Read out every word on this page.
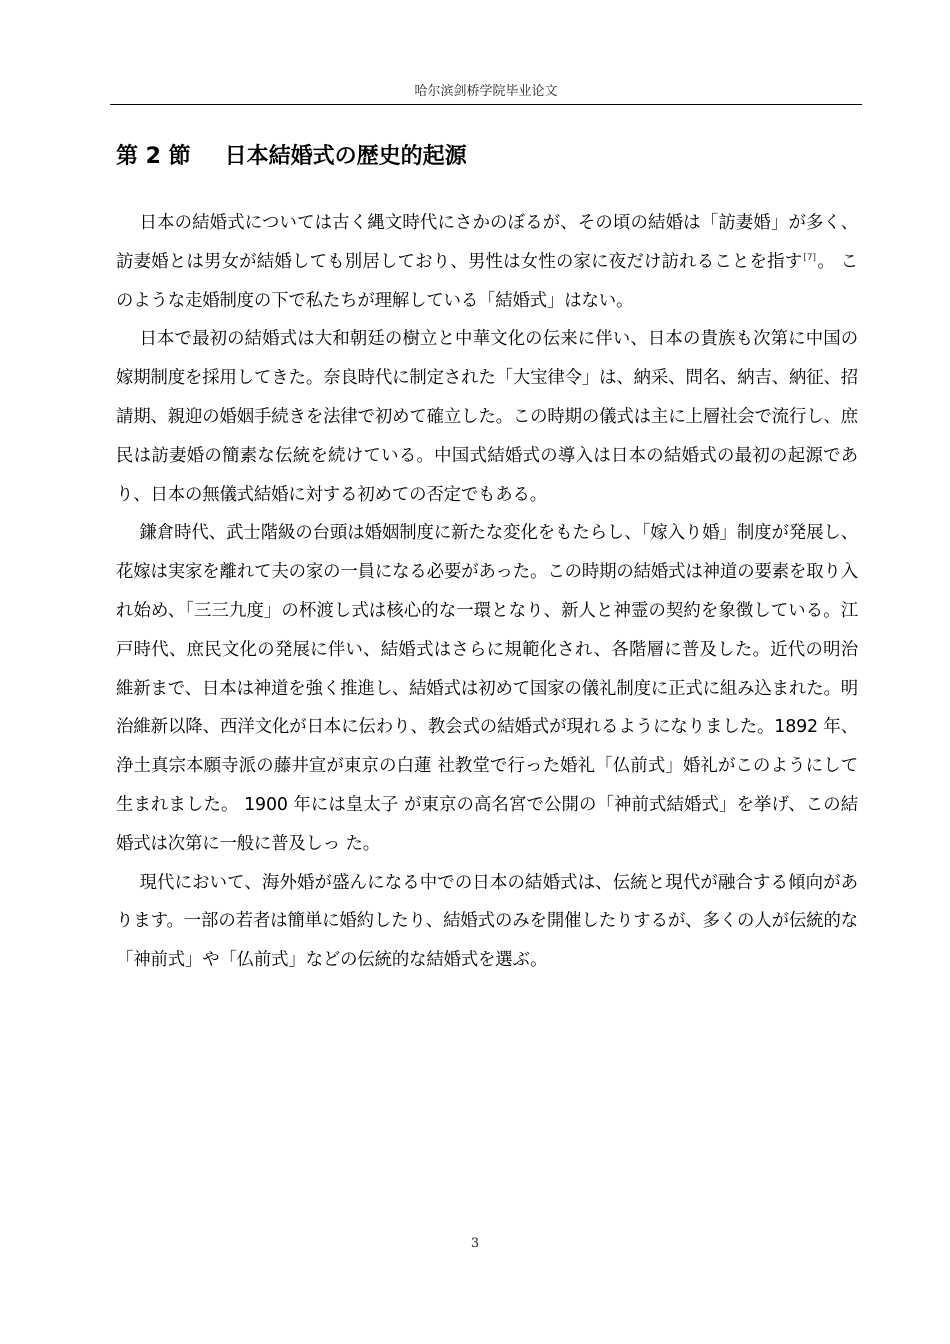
哈尔滨剑桥学院毕业论文
第 2 節 日本結婚式の歴史的起源

日本の結婚式については古く縄文時代にさかのぼるが、その頃の結婚は「訪妻婚」が多く、訪妻婚とは男女が結婚しても別居しており、男性は女性の家に夜だけ訪れることを指す[7]。 このような走婚制度の下で私たちが理解している「結婚式」はない。

日本で最初の結婚式は大和朝廷の樹立と中華文化の伝来に伴い、日本の貴族も次第に中国の嫁期制度を採用してきた。奈良時代に制定された「大宝律令」は、納采、問名、納吉、納征、招請期、親迎の婚姻手続きを法律で初めて確立した。この時期の儀式は主に上層社会で流行し、庶民は訪妻婚の簡素な伝統を続けている。中国式結婚式の導入は日本の結婚式の最初の起源であり、日本の無儀式結婚に対する初めての否定でもある。

鎌倉時代、武士階級の台頭は婚姻制度に新たな変化をもたらし、「嫁入り婚」制度が発展し、花嫁は実家を離れて夫の家の一員になる必要があった。この時期の結婚式は神道の要素を取り入れ始め、「三三九度」の杯渡し式は核心的な一環となり、新人と神霊の契約を象徴している。江戸時代、庶民文化の発展に伴い、結婚式はさらに規範化され、各階層に普及した。近代の明治維新まで、日本は神道を強く推進し、結婚式は初めて国家の儀礼制度に正式に組み込まれた。明治維新以降、西洋文化が日本に伝わり、教会式の結婚式が現れるようになりました。1892 年、浄土真宗本願寺派の藤井宣が東京の白蓮 社教堂で行った婚礼「仏前式」婚礼がこのようにして生まれました。 1900 年には皇太子 が東京の高名宮で公開の「神前式結婚式」を挙げ、この結婚式は次第に一般に普及しっ た。

現代において、海外婚が盛んになる中での日本の結婚式は、伝統と現代が融合する傾向があります。一部の若者は簡単に婚約したり、結婚式のみを開催したりするが、多くの人が伝統的な「神前式」や「仏前式」などの伝統的な結婚式を選ぶ。

3
